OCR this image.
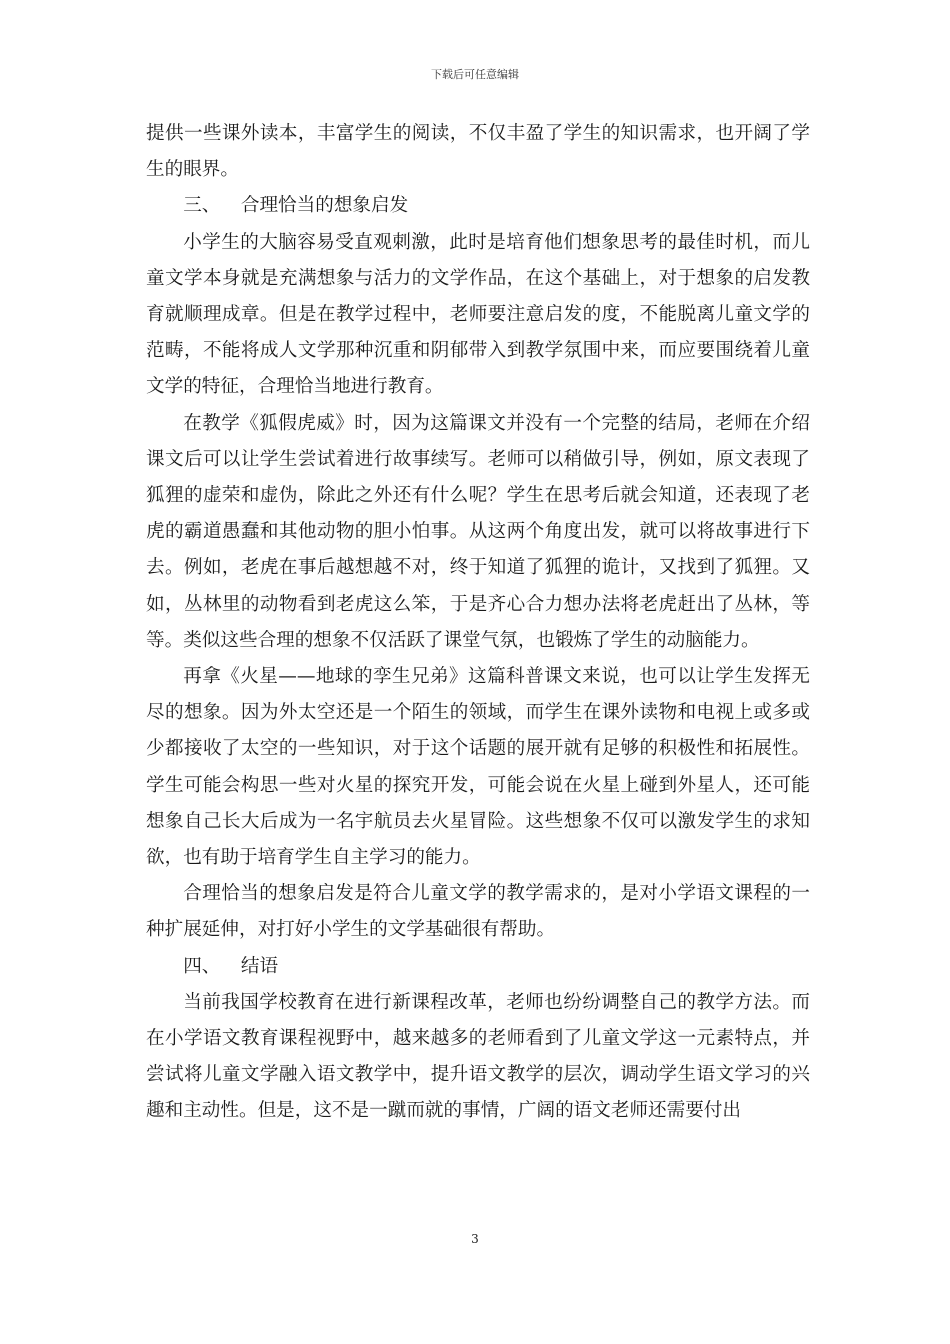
下载后可任意编辑

提供一些课外读本，丰富学生的阅读，不仅丰盈了学生的知识需求，也开阔了学生的眼界。

三、 合理恰当的想象启发

小学生的大脑容易受直观刺激，此时是培育他们想象思考的最佳时机，而儿童文学本身就是充满想象与活力的文学作品，在这个基础上，对于想象的启发教育就顺理成章。但是在教学过程中，老师要注意启发的度，不能脱离儿童文学的范畴，不能将成人文学那种沉重和阴郁带入到教学氛围中来，而应要围绕着儿童文学的特征，合理恰当地进行教育。

在教学《狐假虎威》时，因为这篇课文并没有一个完整的结局，老师在介绍课文后可以让学生尝试着进行故事续写。老师可以稍做引导，例如，原文表现了狐狸的虚荣和虚伪，除此之外还有什么呢？学生在思考后就会知道，还表现了老虎的霸道愚蠢和其他动物的胆小怕事。从这两个角度出发，就可以将故事进行下去。例如，老虎在事后越想越不对，终于知道了狐狸的诡计，又找到了狐狸。又如，丛林里的动物看到老虎这么笨，于是齐心合力想办法将老虎赶出了丛林，等等。类似这些合理的想象不仅活跃了课堂气氛，也锻炼了学生的动脑能力。

再拿《火星——地球的孪生兄弟》这篇科普课文来说，也可以让学生发挥无尽的想象。因为外太空还是一个陌生的领域，而学生在课外读物和电视上或多或少都接收了太空的一些知识，对于这个话题的展开就有足够的积极性和拓展性。学生可能会构思一些对火星的探究开发，可能会说在火星上碰到外星人，还可能想象自己长大后成为一名宇航员去火星冒险。这些想象不仅可以激发学生的求知欲，也有助于培育学生自主学习的能力。

合理恰当的想象启发是符合儿童文学的教学需求的，是对小学语文课程的一种扩展延伸，对打好小学生的文学基础很有帮助。

四、 结语

当前我国学校教育在进行新课程改革，老师也纷纷调整自己的教学方法。而在小学语文教育课程视野中，越来越多的老师看到了儿童文学这一元素特点，并尝试将儿童文学融入语文教学中，提升语文教学的层次，调动学生语文学习的兴趣和主动性。但是，这不是一蹴而就的事情，广阔的语文老师还需要付出

3
